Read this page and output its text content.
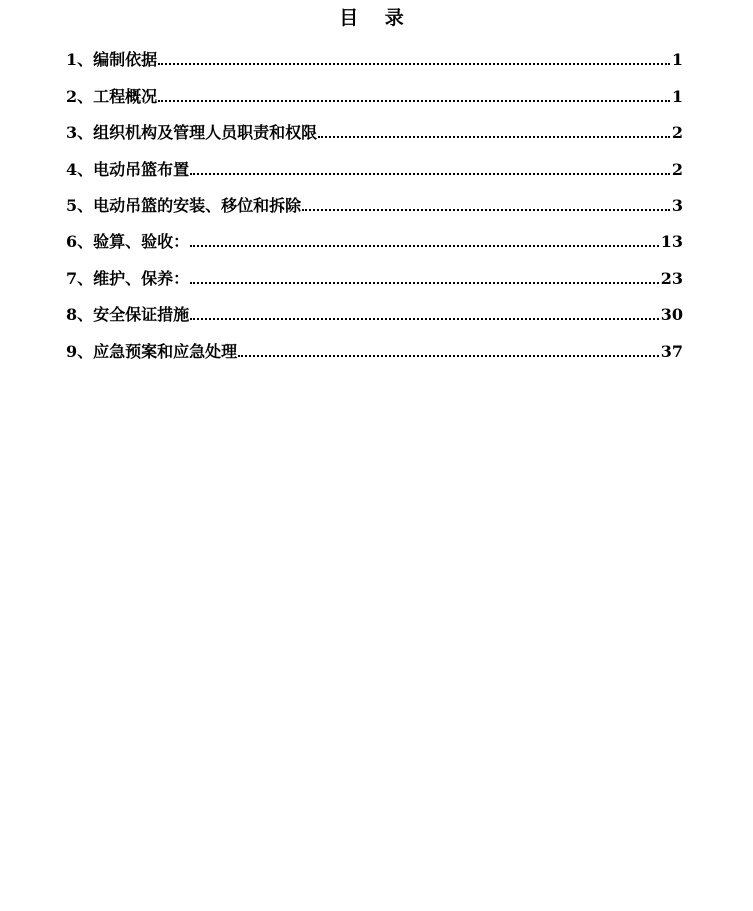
目 录
1、编制依据	1
2、工程概况	1
3、组织机构及管理人员职责和权限	2
4、电动吊篮布置	2
5、电动吊篮的安装、移位和拆除	3
6、验算、验收：	13
7、维护、保养：	23
8、安全保证措施	30
9、应急预案和应急处理	37
